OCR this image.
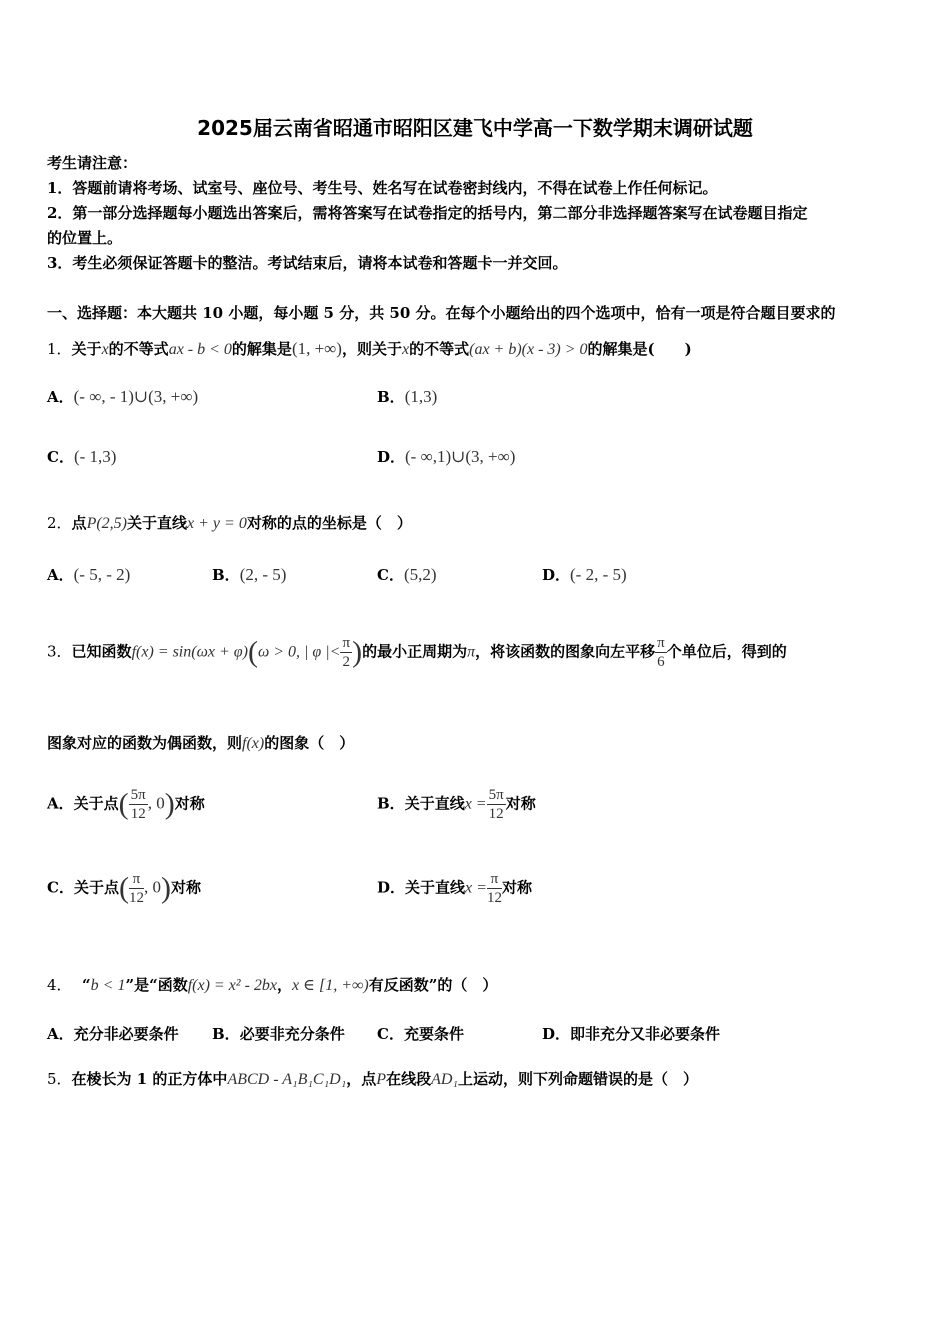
2025届云南省昭通市昭阳区建飞中学高一下数学期末调研试题
考生请注意：
1．答题前请将考场、试室号、座位号、考生号、姓名写在试卷密封线内，不得在试卷上作任何标记。
2．第一部分选择题每小题选出答案后，需将答案写在试卷指定的括号内，第二部分非选择题答案写在试卷题目指定
的位置上。
3．考生必须保证答题卡的整洁。考试结束后，请将本试卷和答题卡一并交回。
一、选择题：本大题共 10 小题，每小题 5 分，共 50 分。在每个小题给出的四个选项中，恰有一项是符合题目要求的
1．关于x的不等式ax - b < 0的解集是(1, +∞)，则关于x的不等式(ax + b)(x - 3) > 0的解集是(　　)
A．(- ∞, - 1)∪(3, +∞)	B．(1,3)
C．(- 1,3)	D．(- ∞,1)∪(3, +∞)
2．点P(2,5)关于直线x + y = 0对称的点的坐标是（　）
A．(- 5, - 2)	B．(2, - 5)	C．(5,2)	D．(- 2, - 5)
3．已知函数f(x) = sin(ωx + φ)(ω > 0, | φ |< $\frac{\pi}{2}$ )的最小正周期为π，将该函数的图象向左平移 $\frac{\pi}{6}$ 个单位后，得到的
图象对应的函数为偶函数，则f(x)的图象（　）
A．关于点( $\frac{5\pi}{12}$ , 0)对称	B．关于直线$x = \frac{5\pi}{12}$ 对称
C．关于点( $\frac{\pi}{12}$ , 0)对称	D．关于直线$x = \frac{\pi}{12}$ 对称
4． “b < 1”是“函数f(x) = x² - 2bx，x ∈ [1, +∞)有反函数”的（　）
A．充分非必要条件 B．必要非充分条件 C．充要条件	D．即非充分又非必要条件
5．在棱长为 1 的正方体中ABCD - A₁B₁C₁D₁，点P在线段AD₁上运动，则下列命题错误的是（　）
